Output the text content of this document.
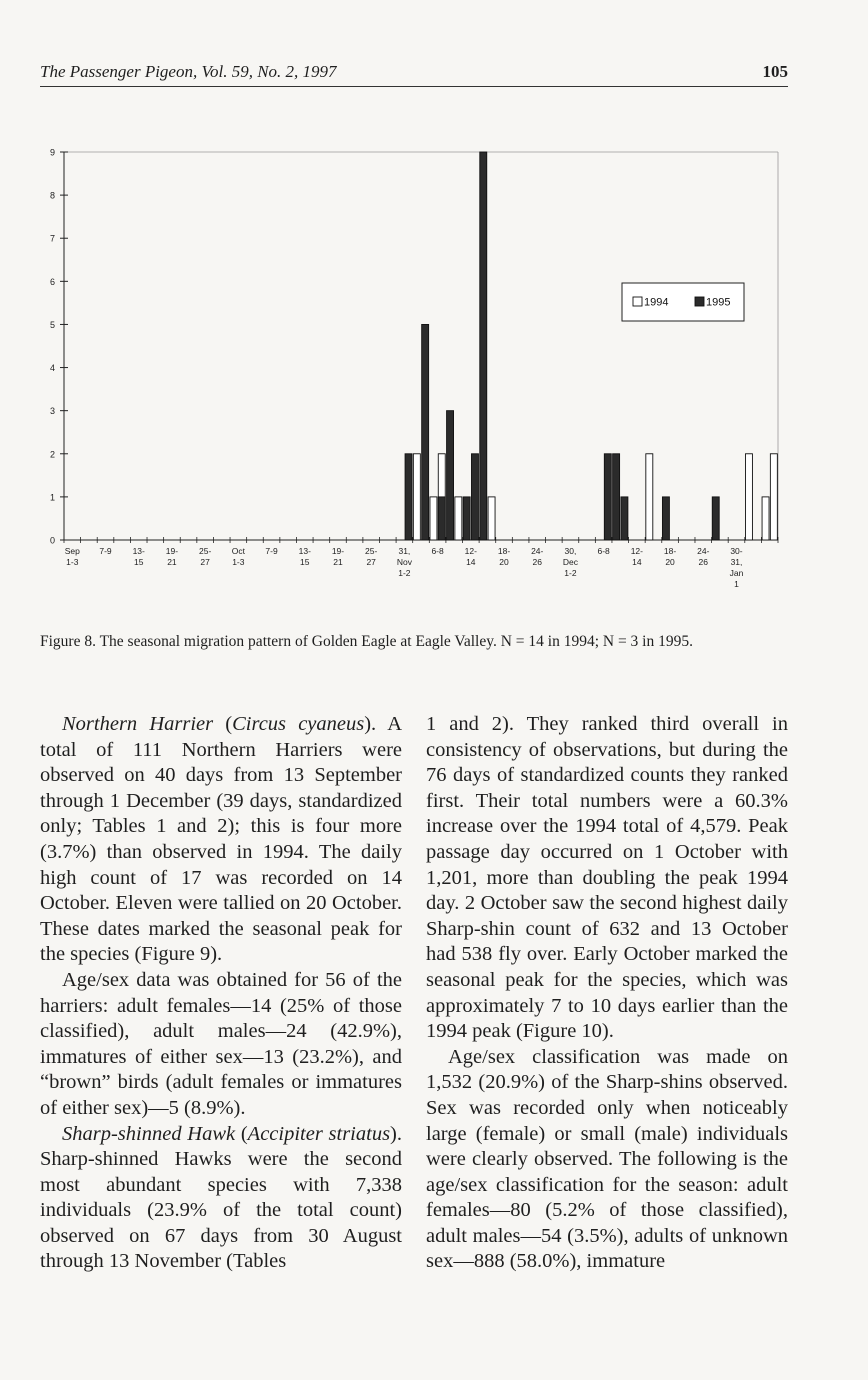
The Passenger Pigeon, Vol. 59, No. 2, 1997	105
0
1
2
3
4
5
6
7
8
9
Sep
1-3
7-9 13-
15
19-
21
25-
27
Oct
1-3
7-9 13-
15
19-
21
25-
27
31,
Nov
1-2
6-8 12-
14
18-
20
24-
26
30,
Dec
1-2
6-8 12-
14
18-
20
24-
26
30-
31,
Jan
1
1994	1995
Figure 8. The seasonal migration pattern of Golden Eagle at Eagle Valley. N = 14 in 1994; N = 3 in 1995.

Northern Harrier (Circus cyaneus). A total of 111 Northern Harriers were observed on 40 days from 13 September through 1 December (39 days, standardized only; Tables 1 and 2); this is four more (3.7%) than observed in 1994. The daily high count of 17 was recorded on 14 October. Eleven were tallied on 20 October. These dates marked the seasonal peak for the species (Figure 9).

Age/sex data was obtained for 56 of the harriers: adult females—14 (25% of those classified), adult males—24 (42.9%), immatures of either sex—13 (23.2%), and “brown” birds (adult females or immatures of either sex)—5 (8.9%).

Sharp-shinned Hawk (Accipiter striatus). Sharp-shinned Hawks were the second most abundant species with 7,338 individuals (23.9% of the total count) observed on 67 days from 30 August through 13 November (Tables

1 and 2). They ranked third overall in consistency of observations, but during the 76 days of standardized counts they ranked first. Their total numbers were a 60.3% increase over the 1994 total of 4,579. Peak passage day occurred on 1 October with 1,201, more than doubling the peak 1994 day. 2 October saw the second highest daily Sharp-shin count of 632 and 13 October had 538 fly over. Early October marked the seasonal peak for the species, which was approximately 7 to 10 days earlier than the 1994 peak (Figure 10).

Age/sex classification was made on 1,532 (20.9%) of the Sharp-shins observed. Sex was recorded only when noticeably large (female) or small (male) individuals were clearly observed. The following is the age/sex classification for the season: adult females—80 (5.2% of those classified), adult males—54 (3.5%), adults of unknown sex—888 (58.0%), immature
